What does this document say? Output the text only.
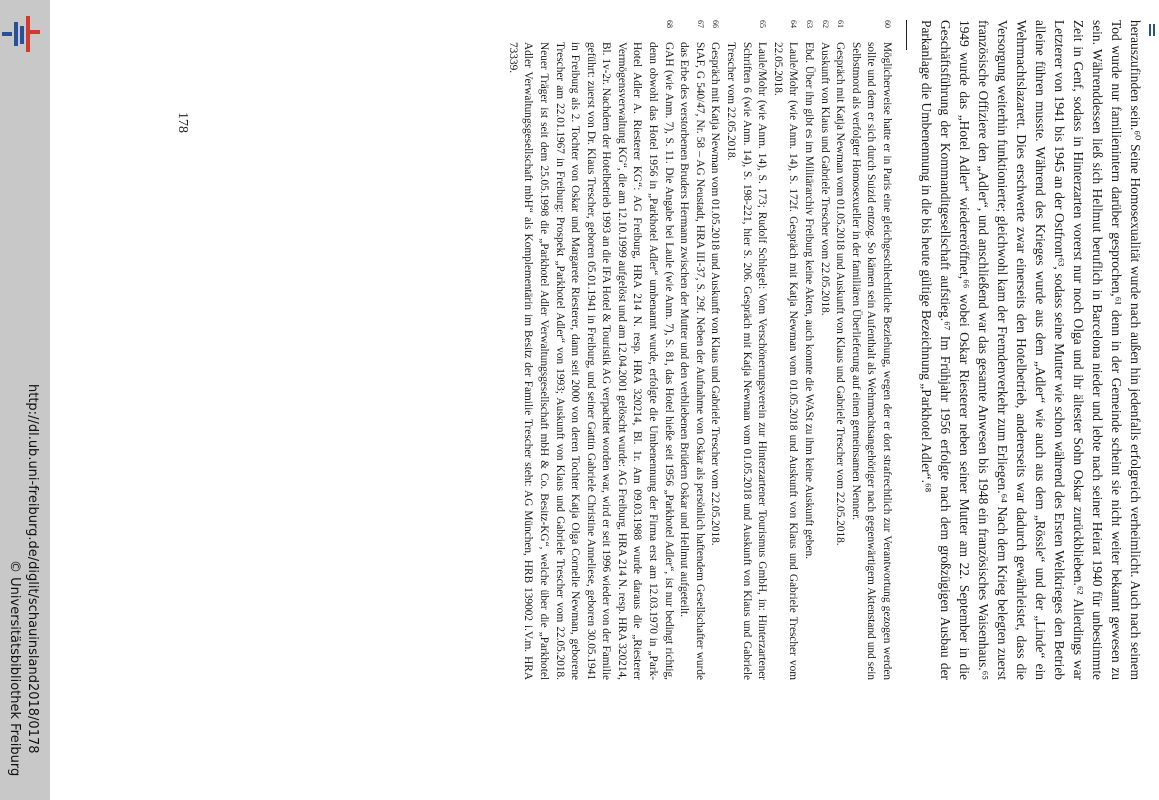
http://dl.ub.uni-freiburg.de/diglit/schauinsland2018/0178
© Universitätsbibliothek Freiburg
178	herauszufinden sein.⁶⁰ Seine Homosexualität wurde nach außen hin jedenfalls erfolgreich verheimlicht. Auch nach seinem Tod wurde nur familienintern darüber gesprochen,⁶¹ denn in der Gemeinde scheint sie nicht weiter bekannt gewesen zu sein. Währenddessen ließ sich Hellmut beruflich in Barcelona nieder und lebte nach seiner Heirat 1940 für unbestimmte Zeit in Genf, sodass in Hinterzarten vorerst nur noch Olga und ihr ältester Sohn Oskar zurückblieben.⁶² Allerdings war Letzterer von 1941 bis 1945 an der Ostfront⁶³, sodass seine Mutter wie schon während des Ersten Weltkrieges den Betrieb alleine führen musste. Während des Krieges wurde aus dem „Adler“ wie auch aus dem „Rössle“ und der „Linde“ ein Wehrmachtslazarett. Dies erschwerte zwar einerseits den Hotelbetrieb, andererseits war dadurch gewährleistet, dass die Versorgung weiterhin funktionierte; gleichwohl kam der Fremdenverkehr zum Erliegen.⁶⁴ Nach dem Krieg belegten zuerst französische Offiziere den „Adler“, und anschließend war das gesamte Anwesen bis 1948 ein französisches Waisenhaus.⁶⁵ 1949 wurde das „Hotel Adler“ wiedereröffnet,⁶⁶ wobei Oskar Riesterer neben seiner Mutter am 22. September in die Geschäftsführung der Kommanditgesellschaft aufstieg.⁶⁷ Im Frühjahr 1956 erfolgte nach dem großzügigen Ausbau der Parkanlage die Umbenennung in die bis heute gültige Bezeichnung „Parkhotel Adler“.⁶⁸

60
Möglicherweise hatte er in Paris eine gleichgeschlechtliche Beziehung, wegen der er dort strafrechtlich zur Verantwortung gezogen werden sollte und dem er sich durch Suizid entzog. So kämen sein Aufenthalt als Wehrmachtsangehöriger nach gegenwärtigem Aktenstand und sein Selbstmord als verfolgter Homosexueller in der familiären Überlieferung auf einen gemeinsamen Nenner.
61
Gespräch mit Katja Newman vom 01.05.2018 und Auskunft von Klaus und Gabriele Trescher vom 22.05.2018.
62
Auskunft von Klaus und Gabriele Trescher vom 22.05.2018.
63
Ebd. Über ihn gibt es im Militärarchiv Freiburg keine Akten, auch konnte die WASt zu ihm keine Auskunft geben.
64
Laule/Mohr (wie Anm. 14), S. 172f. Gespräch mit Katja Newman vom 01.05.2018 und Auskunft von Klaus und Gabriele Trescher vom 22.05.2018.
65
Laule/Mohr (wie Anm. 14), S. 173; Rudolf Schlegel: Vom Verschönerungsverein zur Hinterzartener Tourismus GmbH, in: Hinterzartener Schriften 6 (wie Anm. 14), S. 198-221, hier S. 206. Gespräch mit Katja Newman vom 01.05.2018 und Auskunft von Klaus und Gabriele Trescher vom 22.05.2018.
66
Gespräch mit Katja Newman vom 01.05.2018 und Auskunft von Klaus und Gabriele Trescher vom 22.05.2018.
67
StAF, G 540/47, Nr. 58 – AG Neustadt, HRA III-37, S. 29f. Neben der Aufnahme von Oskar als persönlich haftendem Gesellschafter wurde das Erbe des verstorbenen Bruders Hermann zwischen der Mutter und den verbliebenen Brüdern Oskar und Hellmut aufgeteilt.
68
GAH (wie Anm. 7), S. 11. Die Angabe bei Laule (wie Anm. 7), S. 81, das Hotel hieße seit 1956 „Parkhotel Adler“, ist nur bedingt richtig, denn obwohl das Hotel 1956 in „Parkhotel Adler“ umbenannt wurde, erfolgte die Umbenennung der Firma erst am 12.03.1970 in „Park-Hotel Adler A. Riesterer KG“: AG Freiburg, HRA 214 N. resp. HRA 320214, Bl. 1r. Am 09.03.1988 wurde daraus die „Riesterer Vermögensverwaltung KG“, die am 12.10.1999 aufgelöst und am 12.04.2001 gelöscht wurde: AG Freiburg, HRA 214 N. resp. HRA 320214, Bl. 1v-2r. Nachdem der Hotelbetrieb 1993 an die IFA Hotel & Touristik AG verpachtet worden war, wird er seit 1996 wieder von der Familie geführt: zuerst von Dr. Klaus Trescher, geboren 05.01.1941 in Freiburg, und seiner Gattin Gabriele Christine Anneliese, geboren 30.05.1941 in Freiburg als 2. Tochter von Oskar und Margarete Riesterer, dann seit 2000 von deren Tochter Katja Olga Cornelie Newman, geborene Trescher am 22.01.1967 in Freiburg: Prospekt „Parkhotel Adler“ von 1993; Auskunft von Klaus und Gabriele Trescher vom 22.05.2018. Neuer Träger ist seit dem 25.05.1998 die „Parkhotel Adler Verwaltungsgesellschaft mbH & Co. Besitz-KG“, welche über die „Parkhotel Adler Verwaltungsgesellschaft mbH“ als Komplementärin im Besitz der Familie Trescher steht: AG München, HRB 139002 i.V.m. HRA 73339.
